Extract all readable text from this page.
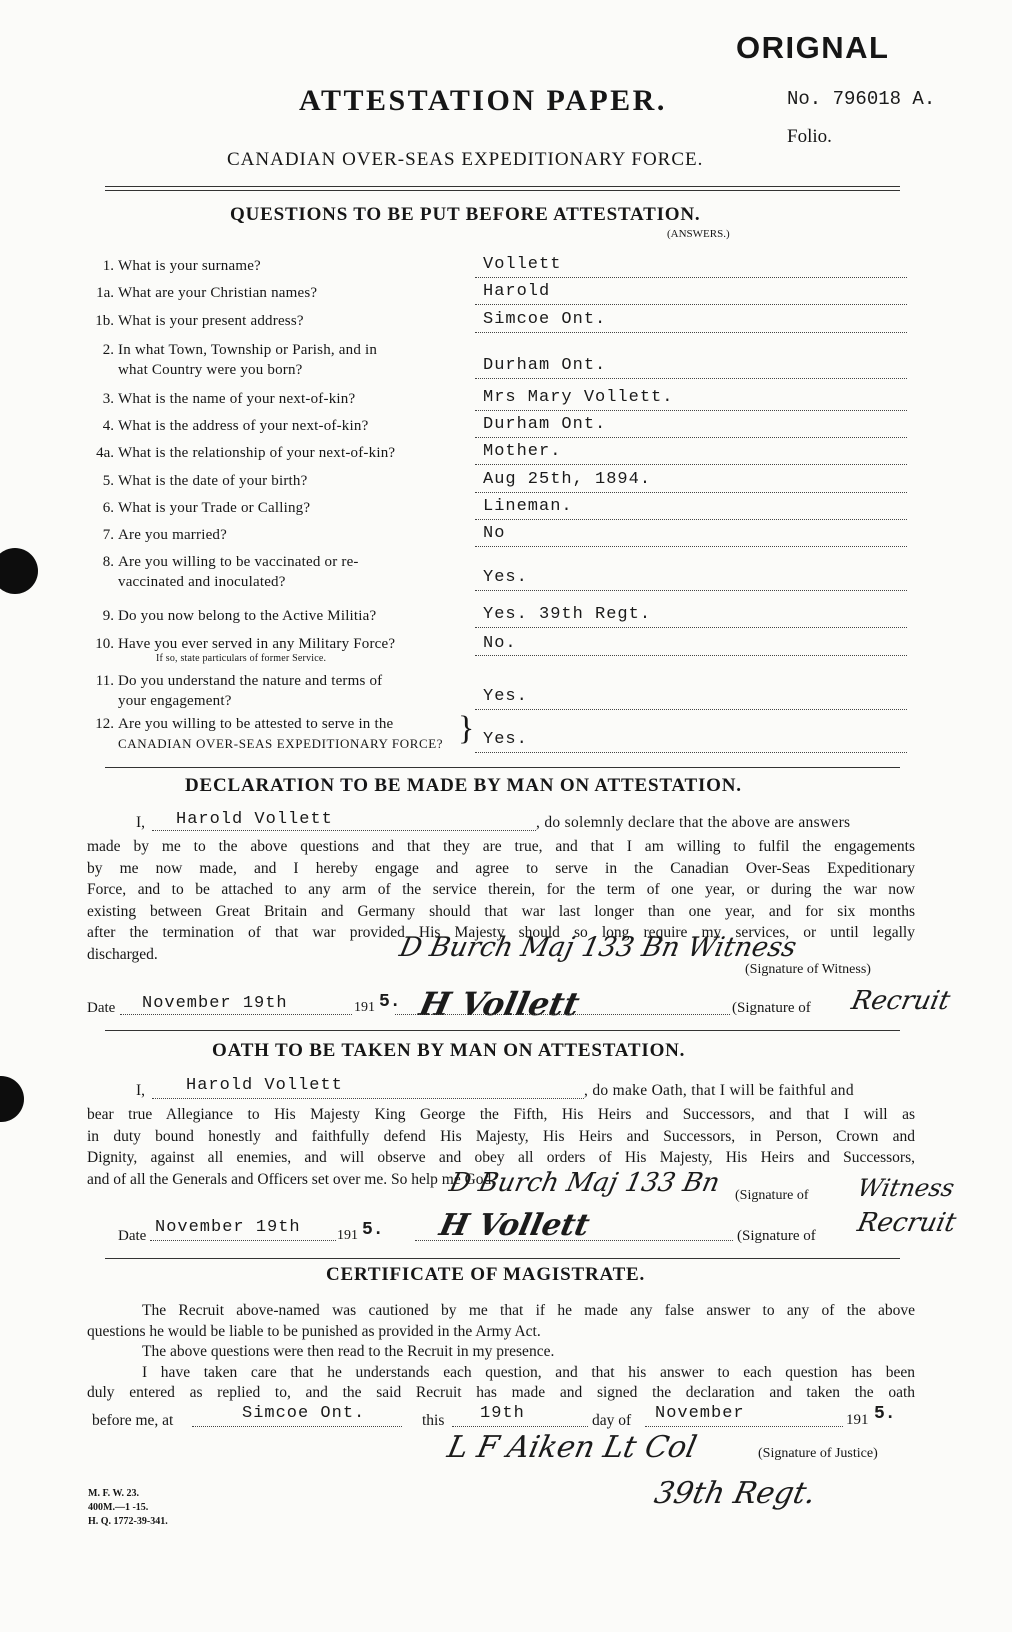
ORIGNAL
No. 796018 A.
Folio.
ATTESTATION PAPER.
CANADIAN OVER-SEAS EXPEDITIONARY FORCE.
QUESTIONS TO BE PUT BEFORE ATTESTATION.
(ANSWERS.)
1. What is your surname?	Vollett
1a. What are your Christian names?	Harold
1b. What is your present address?	Simcoe Ont.
2. In what Town, Township or Parish, and in
what Country were you born?	Durham Ont.
3. What is the name of your next-of-kin?	Mrs Mary Vollett.
4. What is the address of your next-of-kin?	Durham Ont.
4a. What is the relationship of your next-of-kin?	Mother.
5. What is the date of your birth?	Aug 25th, 1894.
6. What is your Trade or Calling?	Lineman.
7. Are you married?	No
8. Are you willing to be vaccinated or re-
vaccinated and inoculated?	Yes.
9. Do you now belong to the Active Militia?	Yes. 39th Regt.
10. Have you ever served in any Military Force?
If so, state particulars of former Service.
No.
11. Do you understand the nature and terms of
your engagement?	Yes.
12. Are you willing to be attested to serve in the
CANADIAN OVER-SEAS EXPEDITIONARY FORCE? } Yes.
DECLARATION TO BE MADE BY MAN ON ATTESTATION.
I, Harold Vollett	, do solemnly declare that the above are answers
made by me to the above questions and that they are true, and that I am willing to fulfil the engagements
by me now made, and I hereby engage and agree to serve in the Canadian Over-Seas Expeditionary
Force, and to be attached to any arm of the service therein, for the term of one year, or during the war now
existing between Great Britain and Germany should that war last longer than one year, and for six months
after the termination of that war provided His Majesty should so long require my services, or until legally
discharged.	D Burch Maj 133 Bn Witness
(Signature of Witness)
Date November 19th	191 5. H Vollett	(Signature of Recruit
OATH TO BE TAKEN BY MAN ON ATTESTATION.
I, Harold Vollett	, do make Oath, that I will be faithful and
bear true Allegiance to His Majesty King George the Fifth, His Heirs and Successors, and that I will as
in duty bound honestly and faithfully defend His Majesty, His Heirs and Successors, in Person, Crown and
Dignity, against all enemies, and will observe and obey all orders of His Majesty, His Heirs and Successors,
and of all the Generals and Officers set over me. So help me God.
D Burch Maj 133 Bn (Signature of Witness
Date November 19th	191 5. H Vollett	(Signature of Recruit
CERTIFICATE OF MAGISTRATE.
The Recruit above-named was cautioned by me that if he made any false answer to any of the above
questions he would be liable to be punished as provided in the Army Act.
The above questions were then read to the Recruit in my presence.
I have taken care that he understands each question, and that his answer to each question has been
duly entered as replied to, and the said Recruit has made and signed the declaration and taken the oath
before me, at	Simcoe Ont.	this 19th	day of November	191 5.
L F Aiken Lt Col	(Signature of Justice)
39th Regt.
M. F. W. 23.
400M.—1 -15.
H. Q. 1772-39-341.
